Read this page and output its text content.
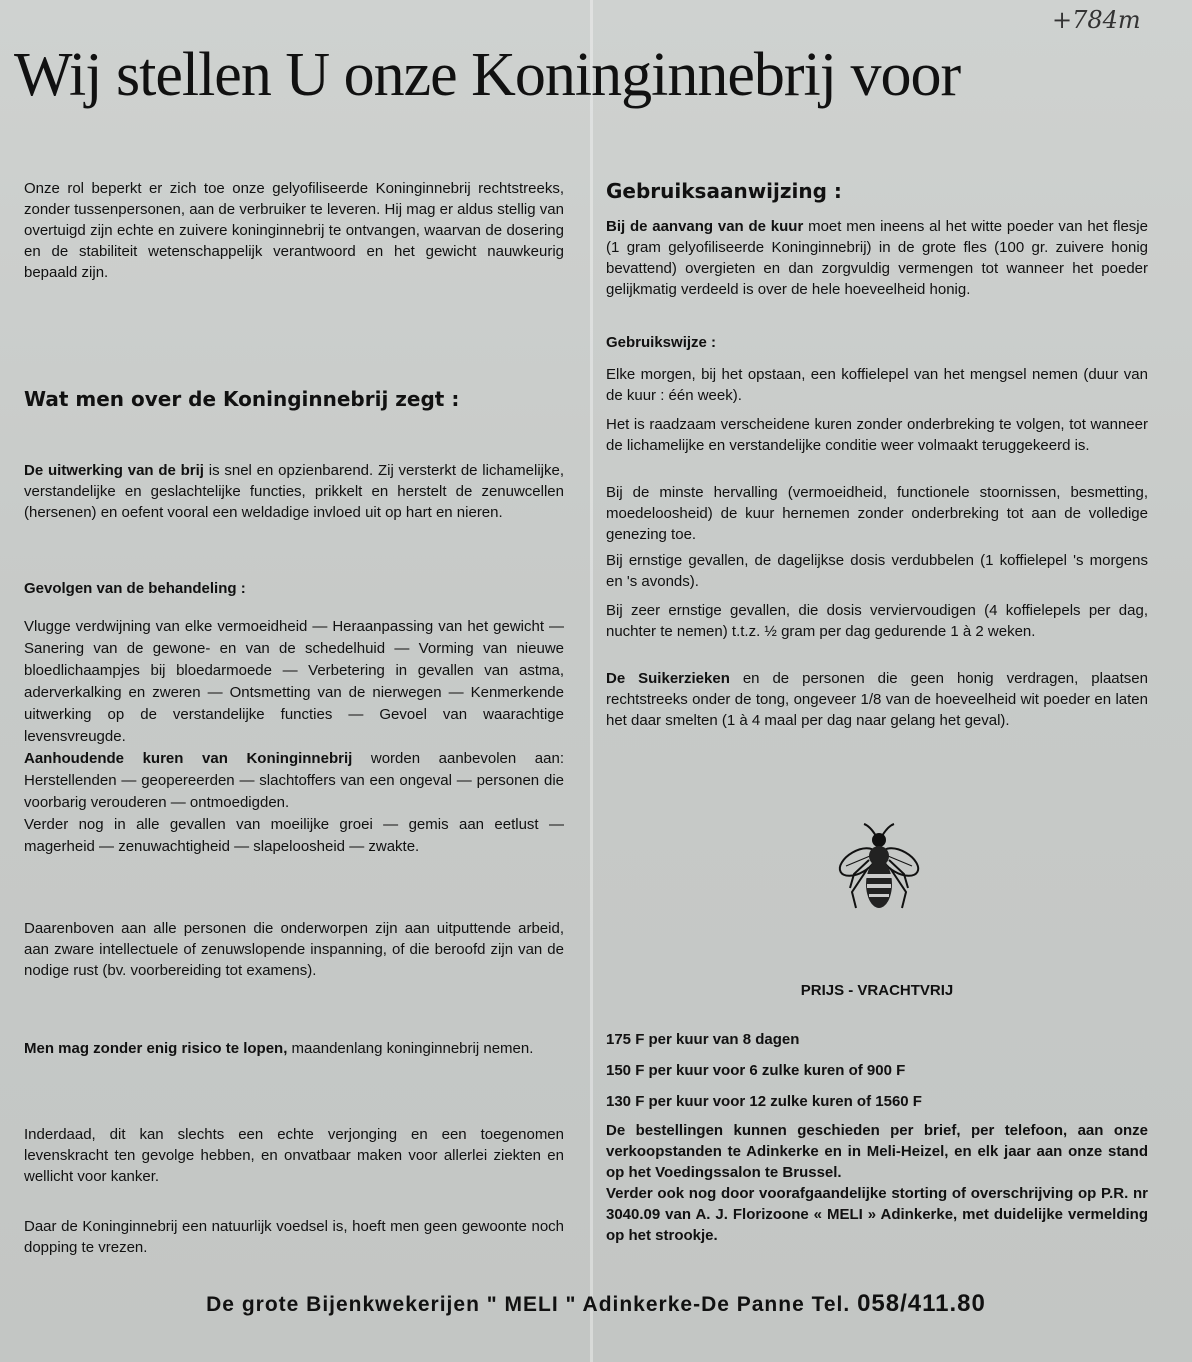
+784m
Wij stellen U onze Koninginnebrij voor

Onze rol beperkt er zich toe onze gelyofiliseerde Koninginnebrij rechtstreeks, zonder tussenpersonen, aan de verbruiker te leveren. Hij mag er aldus stellig van overtuigd zijn echte en zuivere koninginnebrij te ontvangen, waarvan de dosering en de stabiliteit wetenschappelijk verantwoord en het gewicht nauwkeurig bepaald zijn.

Wat men over de Koninginnebrij zegt :

De uitwerking van de brij is snel en opzienbarend. Zij versterkt de lichamelijke, verstandelijke en geslachtelijke functies, prikkelt en herstelt de zenuwcellen (hersenen) en oefent vooral een weldadige invloed uit op hart en nieren.

Gevolgen van de behandeling :

Vlugge verdwijning van elke vermoeidheid — Heraanpassing van het gewicht — Sanering van de gewone- en van de schedelhuid — Vorming van nieuwe bloedlichaampjes bij bloedarmoede — Verbetering in gevallen van astma, aderverkalking en zweren — Ontsmetting van de nierwegen — Kenmerkende uitwerking op de verstandelijke functies — Gevoel van waarachtige levensvreugde.

Aanhoudende kuren van Koninginnebrij worden aanbevolen aan: Herstellenden — geopereerden — slachtoffers van een ongeval — personen die voorbarig verouderen — ontmoedigden.

Verder nog in alle gevallen van moeilijke groei — gemis aan eetlust — magerheid — zenuwachtigheid — slapeloosheid — zwakte.

Daarenboven aan alle personen die onderworpen zijn aan uitputtende arbeid, aan zware intellectuele of zenuwslopende inspanning, of die beroofd zijn van de nodige rust (bv. voorbereiding tot examens).

Men mag zonder enig risico te lopen, maandenlang koninginnebrij nemen.

Inderdaad, dit kan slechts een echte verjonging en een toegenomen levenskracht ten gevolge hebben, en onvatbaar maken voor allerlei ziekten en wellicht voor kanker.

Daar de Koninginnebrij een natuurlijk voedsel is, hoeft men geen gewoonte noch dopping te vrezen.

Gebruiksaanwijzing :

Bij de aanvang van de kuur moet men ineens al het witte poeder van het flesje (1 gram gelyofiliseerde Koninginnebrij) in de grote fles (100 gr. zuivere honig bevattend) overgieten en dan zorgvuldig vermengen tot wanneer het poeder gelijkmatig verdeeld is over de hele hoeveelheid honig.

Gebruikswijze :

Elke morgen, bij het opstaan, een koffielepel van het mengsel nemen (duur van de kuur : één week).

Het is raadzaam verscheidene kuren zonder onderbreking te volgen, tot wanneer de lichamelijke en verstandelijke conditie weer volmaakt teruggekeerd is.

Bij de minste hervalling (vermoeidheid, functionele stoornissen, besmetting, moedeloosheid) de kuur hernemen zonder onderbreking tot aan de volledige genezing toe.

Bij ernstige gevallen, de dagelijkse dosis verdubbelen (1 koffielepel 's morgens en 's avonds).

Bij zeer ernstige gevallen, die dosis verviervoudigen (4 koffielepels per dag, nuchter te nemen) t.t.z. ½ gram per dag gedurende 1 à 2 weken.

De Suikerzieken en de personen die geen honig verdragen, plaatsen rechtstreeks onder de tong, ongeveer 1/8 van de hoeveelheid wit poeder en laten het daar smelten (1 à 4 maal per dag naar gelang het geval).

PRIJS - VRACHTVRIJ
175 F per kuur van 8 dagen
150 F per kuur voor 6 zulke kuren of 900 F
130 F per kuur voor 12 zulke kuren of 1560 F

De bestellingen kunnen geschieden per brief, per telefoon, aan onze verkoopstanden te Adinkerke en in Meli-Heizel, en elk jaar aan onze stand op het Voedingssalon te Brussel.

Verder ook nog door voorafgaandelijke storting of overschrijving op P.R. nr 3040.09 van A. J. Florizoone « MELI » Adinkerke, met duidelijke vermelding op het strookje.

De grote Bijenkwekerijen " MELI " Adinkerke-De Panne Tel. 058/411.80
